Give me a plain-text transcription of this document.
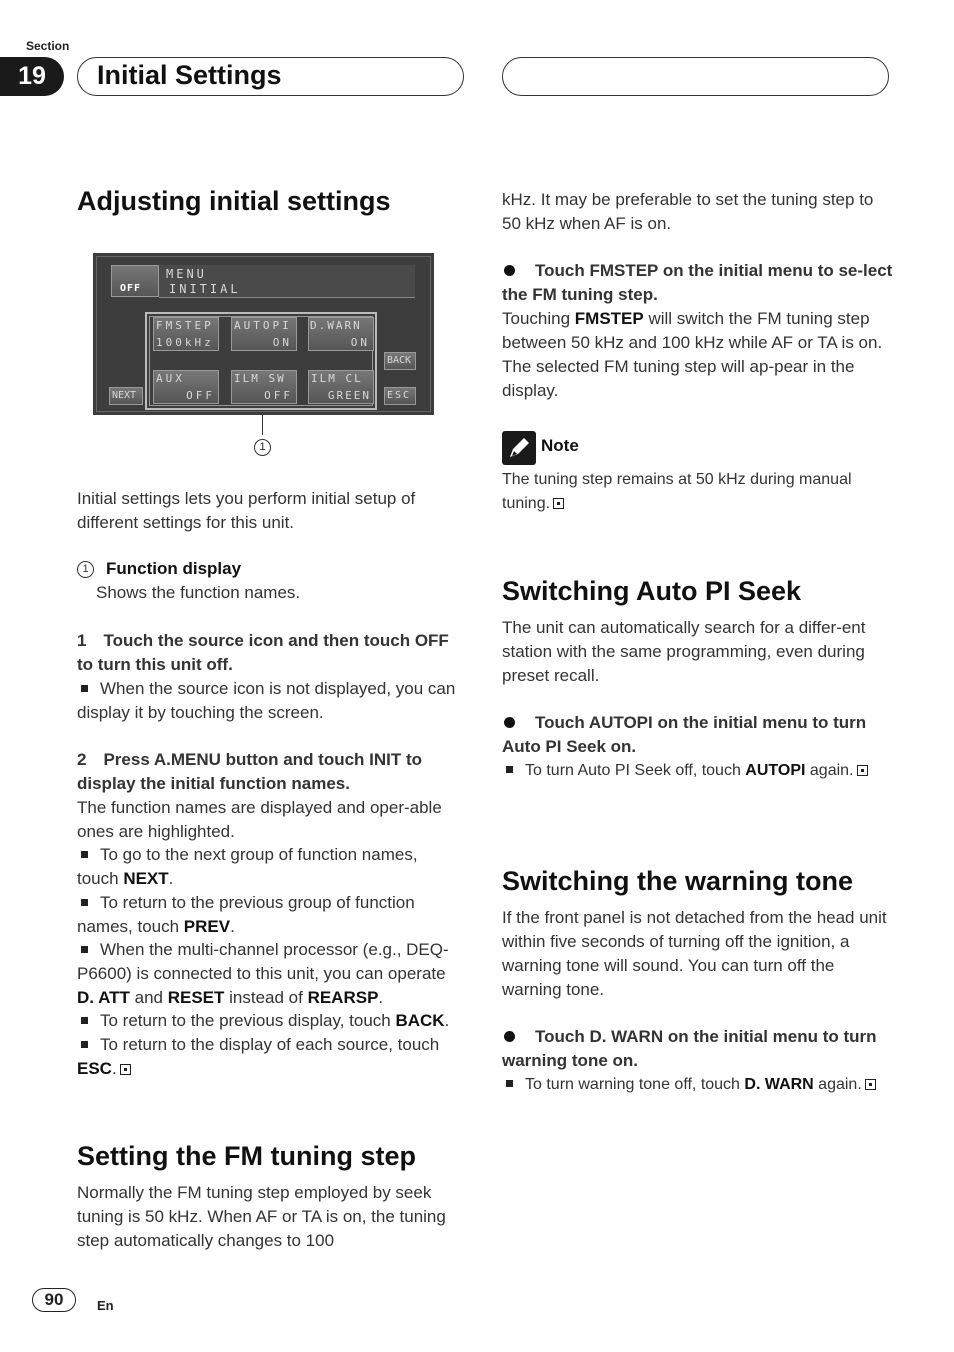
Section
19	Initial Settings
Adjusting initial settings
OFF
MENU
INITIAL
FMSTEP
100kHz
AUTOPI
ON
D.WARN
ON
AUX
OFF
ILM SW
OFF
ILM CL
GREEN
NEXT
BACK
ESC
1

Initial settings lets you perform initial setup of different settings for this unit.

1 Function display

Shows the function names.

1 Touch the source icon and then touch OFF to turn this unit off.

When the source icon is not displayed, you can display it by touching the screen.

2 Press A.MENU button and touch INIT to display the initial function names.

The function names are displayed and oper-able ones are highlighted.

To go to the next group of function names, touch NEXT.

To return to the previous group of function names, touch PREV.

When the multi-channel processor (e.g., DEQ-P6600) is connected to this unit, you can operate D. ATT and RESET instead of REARSP.

To return to the previous display, touch BACK.

To return to the display of each source, touch ESC.

Setting the FM tuning step

Normally the FM tuning step employed by seek tuning is 50 kHz. When AF or TA is on, the tuning step automatically changes to 100

kHz. It may be preferable to set the tuning step to 50 kHz when AF is on.

Touch FMSTEP on the initial menu to se-lect the FM tuning step.

Touching FMSTEP will switch the FM tuning step between 50 kHz and 100 kHz while AF or TA is on. The selected FM tuning step will ap-pear in the display.

Note

The tuning step remains at 50 kHz during manual tuning.

Switching Auto PI Seek

The unit can automatically search for a differ-ent station with the same programming, even during preset recall.

Touch AUTOPI on the initial menu to turn Auto PI Seek on.

To turn Auto PI Seek off, touch AUTOPI again.

Switching the warning tone

If the front panel is not detached from the head unit within five seconds of turning off the ignition, a warning tone will sound. You can turn off the warning tone.

Touch D. WARN on the initial menu to turn warning tone on.

To turn warning tone off, touch D. WARN again.

90	En
